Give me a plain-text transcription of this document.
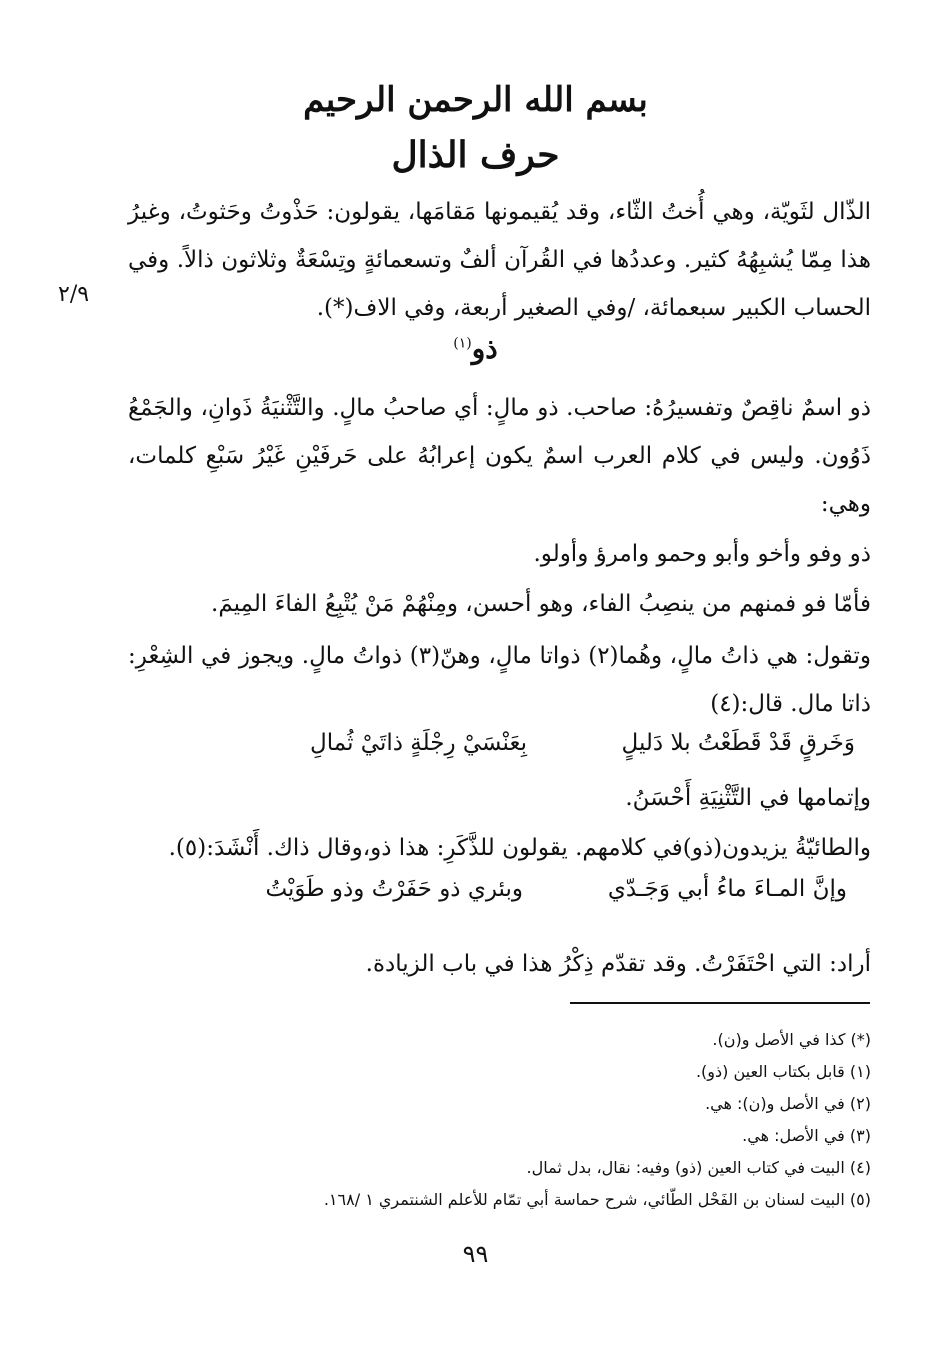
بسم الله الرحمن الرحيم
حرف الذال

الذّال لثَويّة، وهي أُختُ الثّاء، وقد يُقيمونها مَقامَها، يقولون: حَذْوتُ وحَثوتُ، وغيرُ هذا مِمّا يُشبِهُهُ كثير. وعددُها في القُرآن ألفٌ وتسعمائةٍ وتِسْعَةٌ وثلاثون ذالاً. وفي الحساب الكبير سبعمائة، /وفي الصغير أربعة، وفي الاف(*).

٢/٩
ذو$^{(١)}$

ذو اسمٌ ناقِصٌ وتفسيرُهُ: صاحب. ذو مالٍ: أي صاحبُ مالٍ. والتَّثْنيَةُ ذَوانِ، والجَمْعُ ذَوُون. وليس في كلام العرب اسمٌ يكون إعرابُهُ على حَرفَيْنِ غَيْرُ سَبْعِ كلمات، وهي:

ذو وفو وأخو وأبو وحمو وامرؤ وأولو.

فأمّا فو فمنهم من ينصِبُ الفاء، وهو أحسن، ومِنْهُمْ مَنْ يُتْبِعُ الفاءَ المِيمَ.

وتقول: هي ذاتُ مالٍ، وهُما(٢) ذواتا مالٍ، وهنّ(٣) ذواتُ مالٍ. ويجوز في الشِعْرِ: ذاتا مال. قال:(٤)

وَخَرقٍ قَدْ قَطَعْتُ بلا دَليلٍ

بِعَنْسَيْ رِجْلَةٍ ذاتَيْ ثُمالِ

وإتمامها في التَّثْنِيَةِ أَحْسَنُ.

والطائيّةُ يزيدون(ذو)في كلامهم. يقولون للذَّكَرِ: هذا ذو،وقال ذاك. أَنْشَدَ:(٥).

وإنَّ المـاءَ ماءُ أبي وَجَـدّي

وبئري ذو حَفَرْتُ وذو طَوَيْتُ

أراد: التي احْتَفَرْتُ. وقد تقدّم ذِكْرُ هذا في باب الزيادة.

(*) كذا في الأصل و(ن).
(١) قابل بكتاب العين (ذو).
(٢) في الأصل و(ن): هي.
(٣) في الأصل: هي.
(٤) البيت في كتاب العين (ذو) وفيه: نقال، بدل ثمال.
(٥) البيت لسنان بن الفَحْل الطّائي، شرح حماسة أبي تمّام للأعلم الشنتمري ١ /١٦٨.

٩٩
